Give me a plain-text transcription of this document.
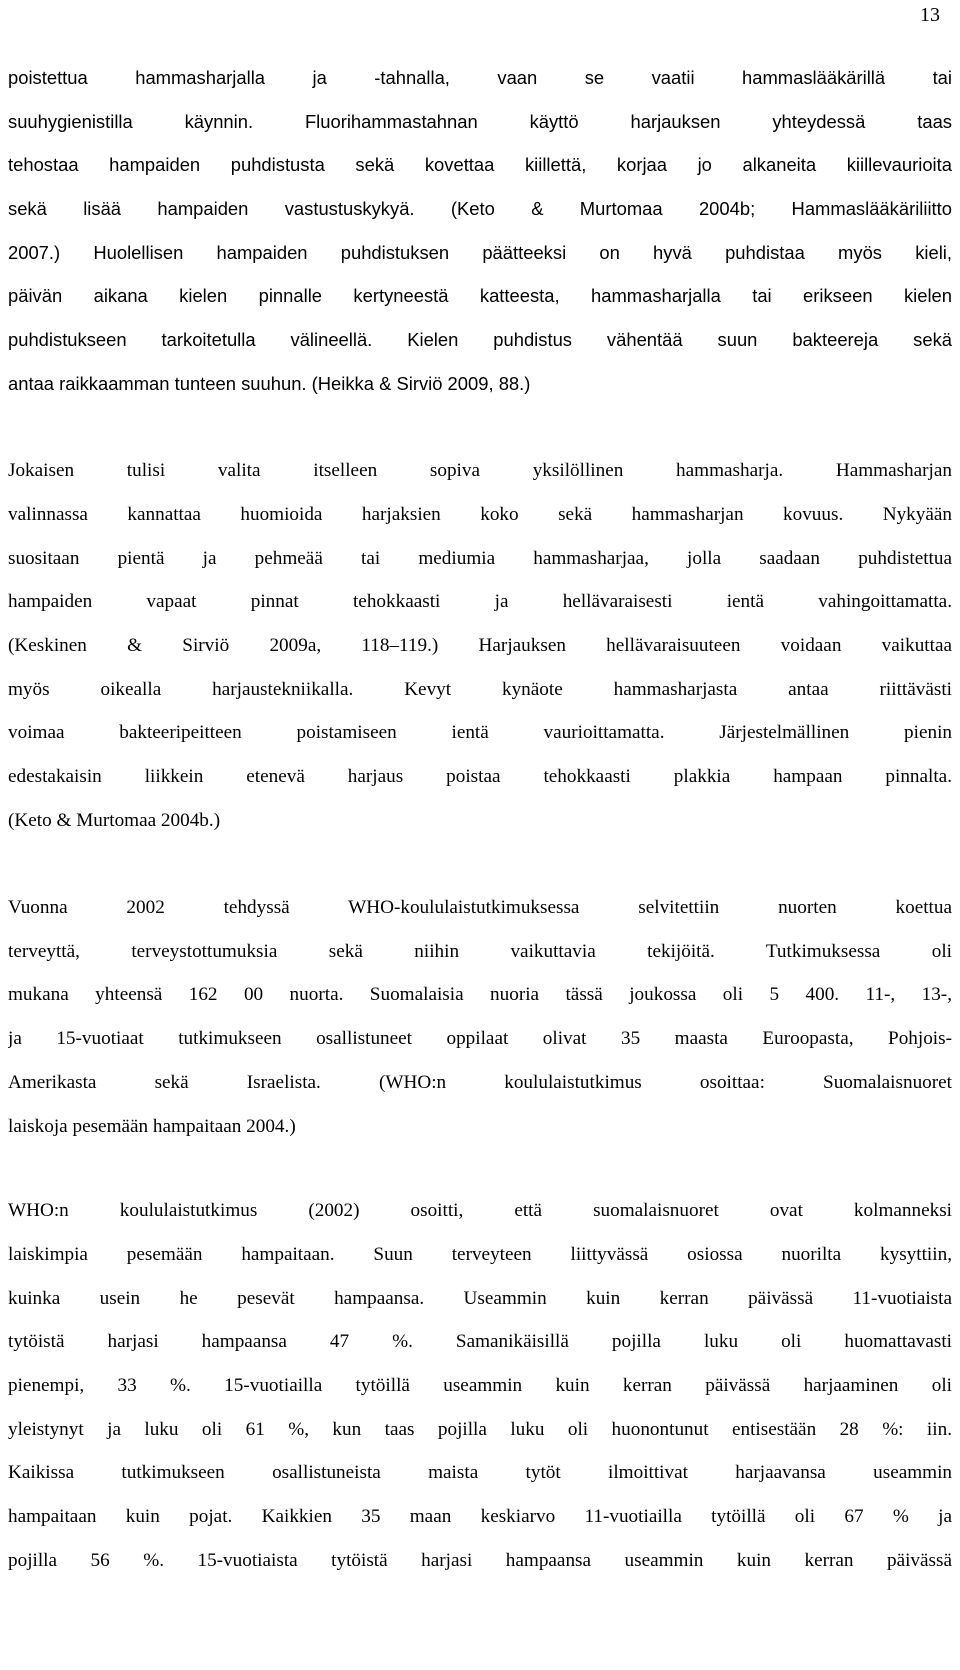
13
poistettua hammasharjalla ja -tahnalla, vaan se vaatii hammaslääkärillä tai
suuhygienistilla käynnin. Fluorihammastahnan käyttö harjauksen yhteydessä taas
tehostaa hampaiden puhdistusta sekä kovettaa kiillettä, korjaa jo alkaneita kiillevaurioita
sekä lisää hampaiden vastustuskykyä. (Keto & Murtomaa 2004b; Hammaslääkäriliitto
2007.) Huolellisen hampaiden puhdistuksen päätteeksi on hyvä puhdistaa myös kieli,
päivän aikana kielen pinnalle kertyneestä katteesta, hammasharjalla tai erikseen kielen
puhdistukseen tarkoitetulla välineellä. Kielen puhdistus vähentää suun bakteereja sekä
antaa raikkaamman tunteen suuhun. (Heikka & Sirviö 2009, 88.)
Jokaisen tulisi valita itselleen sopiva yksilöllinen hammasharja. Hammasharjan
valinnassa kannattaa huomioida harjaksien koko sekä hammasharjan kovuus. Nykyään
suositaan pientä ja pehmeää tai mediumia hammasharjaa, jolla saadaan puhdistettua
hampaiden vapaat pinnat tehokkaasti ja hellävaraisesti ientä vahingoittamatta.
(Keskinen & Sirviö 2009a, 118–119.) Harjauksen hellävaraisuuteen voidaan vaikuttaa
myös oikealla harjaustekniikalla. Kevyt kynäote hammasharjasta antaa riittävästi
voimaa bakteeripeitteen poistamiseen ientä vaurioittamatta. Järjestelmällinen pienin
edestakaisin liikkein etenevä harjaus poistaa tehokkaasti plakkia hampaan pinnalta.
(Keto & Murtomaa 2004b.)
Vuonna 2002 tehdyssä WHO-koululaistutkimuksessa selvitettiin nuorten koettua
terveyttä, terveystottumuksia sekä niihin vaikuttavia tekijöitä. Tutkimuksessa oli
mukana yhteensä 162 00 nuorta. Suomalaisia nuoria tässä joukossa oli 5 400. 11-, 13-,
ja 15-vuotiaat tutkimukseen osallistuneet oppilaat olivat 35 maasta Euroopasta, Pohjois-
Amerikasta sekä Israelista. (WHO:n koululaistutkimus osoittaa: Suomalaisnuoret
laiskoja pesemään hampaitaan 2004.)
WHO:n koululaistutkimus (2002) osoitti, että suomalaisnuoret ovat kolmanneksi
laiskimpia pesemään hampaitaan. Suun terveyteen liittyvässä osiossa nuorilta kysyttiin,
kuinka usein he pesevät hampaansa. Useammin kuin kerran päivässä 11-vuotiaista
tytöistä harjasi hampaansa 47 %. Samanikäisillä pojilla luku oli huomattavasti
pienempi, 33 %. 15-vuotiailla tytöillä useammin kuin kerran päivässä harjaaminen oli
yleistynyt ja luku oli 61 %, kun taas pojilla luku oli huonontunut entisestään 28 %: iin.
Kaikissa tutkimukseen osallistuneista maista tytöt ilmoittivat harjaavansa useammin
hampaitaan kuin pojat. Kaikkien 35 maan keskiarvo 11-vuotiailla tytöillä oli 67 % ja
pojilla 56 %. 15-vuotiaista tytöistä harjasi hampaansa useammin kuin kerran päivässä
